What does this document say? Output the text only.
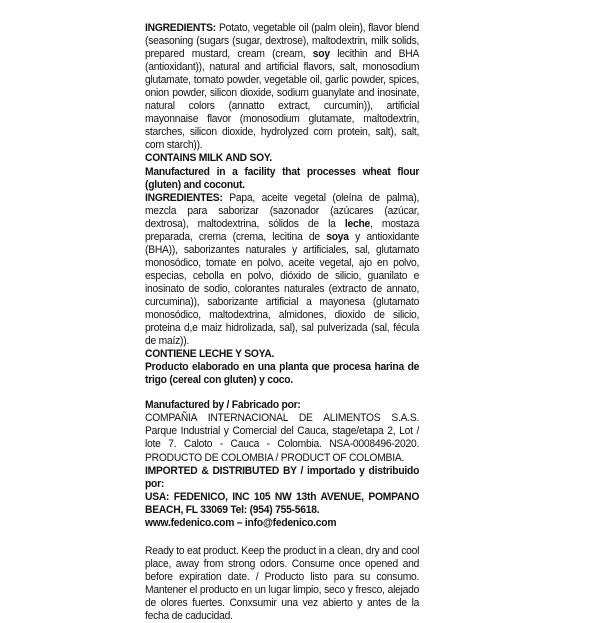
INGREDIENTS: Potato, vegetable oil (palm olein), flavor blend (seasoning (sugars (sugar, dextrose), maltodextrin, milk solids, prepared mustard, cream (cream, soy lecithin and BHA (antioxidant)), natural and artificial flavors, salt, monosodium glutamate, tomato powder, vegetable oil, garlic powder, spices, onion powder, silicon dioxide, sodium guanylate and inosinate, natural colors (annatto extract, curcumin)), artificial mayonnaise flavor (monosodium glutamate, maltodextrin, starches, silicon dioxide, hydrolyzed corn protein, salt), salt, corn starch)).

CONTAINS MILK AND SOY.

Manufactured in a facility that processes wheat flour (gluten) and coconut.

INGREDIENTES: Papa, aceite vegetal (oleína de palma), mezcla para saborizar (sazonador (azúcares (azúcar, dextrosa), maltodextrina, sólidos de la leche, mostaza preparada, crema (crema, lecitina de soya y antioxidante (BHA)), saborizantes naturales y artificiales, sal, glutamato monosódico, tomate en polvo, aceite vegetal, ajo en polvo, especias, cebolla en polvo, dióxido de silicio, guanilato e inosinato de sodio, colorantes naturales (extracto de annato, curcumina)), saborizante artificial a mayonesa (glutamato monosódico, maltodextrina, almidones, dioxido de silicio, proteina d,e maiz hidrolizada, sal), sal pulverizada (sal, fécula de maíz)).

CONTIENE LECHE Y SOYA.

Producto elaborado en una planta que procesa harina de trigo (cereal con gluten) y coco.

Manufactured by / Fabricado por:

COMPAÑIA INTERNACIONAL DE ALIMENTOS S.A.S. Parque Industrial y Comercial del Cauca, stage/etapa 2, Lot / lote 7. Caloto - Cauca - Colombia. NSA-0008496-2020. PRODUCTO DE COLOMBIA / PRODUCT OF COLOMBIA.

IMPORTED & DISTRIBUTED BY / importado y distribuido por:

USA: FEDENICO, INC 105 NW 13th AVENUE, POMPANO BEACH, FL 33069 Tel: (954) 755-5618.

www.fedenico.com – info@fedenico.com

Ready to eat product. Keep the product in a clean, dry and cool place, away from strong odors. Consume once opened and before expiration date. / Producto listo para su consumo. Mantener el producto en un lugar limpio, seco y fresco, alejado de olores fuertes. Conxsumir una vez abierto y antes de la fecha de caducidad.
